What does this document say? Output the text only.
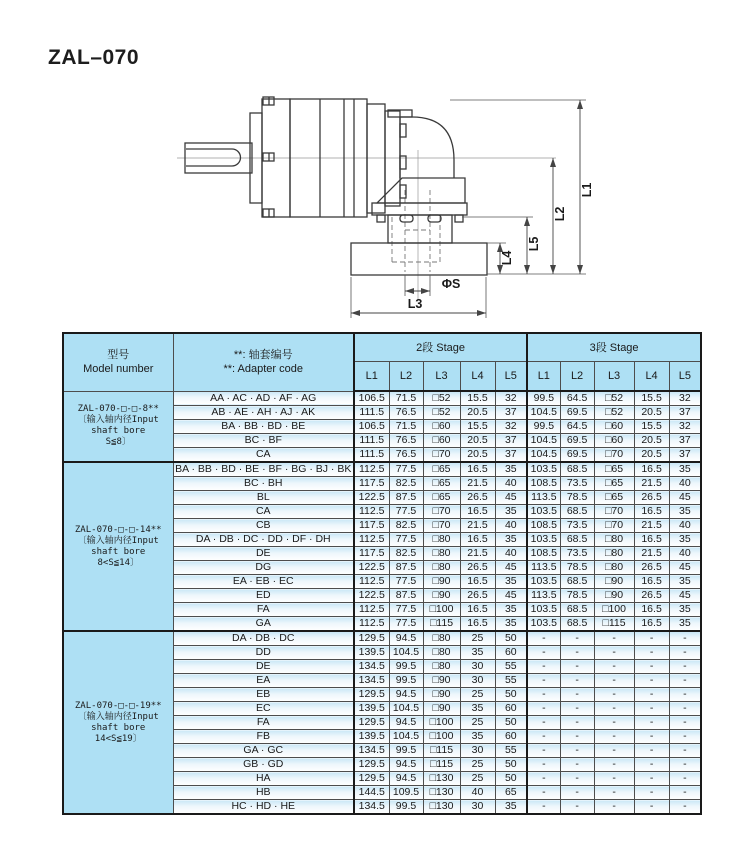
ZAL–070
L1
L2
L5
L4
L3
ΦS
型号
Model number

**: 轴套编号
**: Adapter code
	2段 Stage	3段 Stage
		L1	L2	L3	L4	L5	L1	L2	L3	L4	L5

ZAL-070-□-□-8**
〔输入轴内径Input
shaft bore
S≦8〕	AA · AC · AD · AF · AG	106.5	71.5	□52	15.5	32	99.5	64.5	□52	15.5	32
	AB · AE · AH · AJ · AK	111.5	76.5	□52	20.5	37	104.5	69.5	□52	20.5	37
	BA · BB · BD · BE	106.5	71.5	□60	15.5	32	99.5	64.5	□60	15.5	32
	BC · BF	111.5	76.5	□60	20.5	37	104.5	69.5	□60	20.5	37
	CA	111.5	76.5	□70	20.5	37	104.5	69.5	□70	20.5	37

ZAL-070-□-□-14**
〔输入轴内径Input
shaft bore
8<S≦14〕	BA · BB · BD · BE · BF · BG · BJ · BK	112.5	77.5	□65	16.5	35	103.5	68.5	□65	16.5	35
	BC · BH	117.5	82.5	□65	21.5	40	108.5	73.5	□65	21.5	40
	BL	122.5	87.5	□65	26.5	45	113.5	78.5	□65	26.5	45
	CA	112.5	77.5	□70	16.5	35	103.5	68.5	□70	16.5	35
	CB	117.5	82.5	□70	21.5	40	108.5	73.5	□70	21.5	40
	DA · DB · DC · DD · DF · DH	112.5	77.5	□80	16.5	35	103.5	68.5	□80	16.5	35
	DE	117.5	82.5	□80	21.5	40	108.5	73.5	□80	21.5	40
	DG	122.5	87.5	□80	26.5	45	113.5	78.5	□80	26.5	45
	EA · EB · EC	112.5	77.5	□90	16.5	35	103.5	68.5	□90	16.5	35
	ED	122.5	87.5	□90	26.5	45	113.5	78.5	□90	26.5	45
	FA	112.5	77.5	□100	16.5	35	103.5	68.5	□100	16.5	35
	GA	112.5	77.5	□115	16.5	35	103.5	68.5	□115	16.5	35

ZAL-070-□-□-19**
〔输入轴内径Input
shaft bore
14<S≦19〕	DA · DB · DC	129.5	94.5	□80	25	50	-	-	-	-	-
	DD	139.5	104.5	□80	35	60	-	-	-	-	-
	DE	134.5	99.5	□80	30	55	-	-	-	-	-
	EA	134.5	99.5	□90	30	55	-	-	-	-	-
	EB	129.5	94.5	□90	25	50	-	-	-	-	-
	EC	139.5	104.5	□90	35	60	-	-	-	-	-
	FA	129.5	94.5	□100	25	50	-	-	-	-	-
	FB	139.5	104.5	□100	35	60	-	-	-	-	-
	GA · GC	134.5	99.5	□115	30	55	-	-	-	-	-
	GB · GD	129.5	94.5	□115	25	50	-	-	-	-	-
	HA	129.5	94.5	□130	25	50	-	-	-	-	-
	HB	144.5	109.5	□130	40	65	-	-	-	-	-
	HC · HD · HE	134.5	99.5	□130	30	35	-	-	-	-	-
